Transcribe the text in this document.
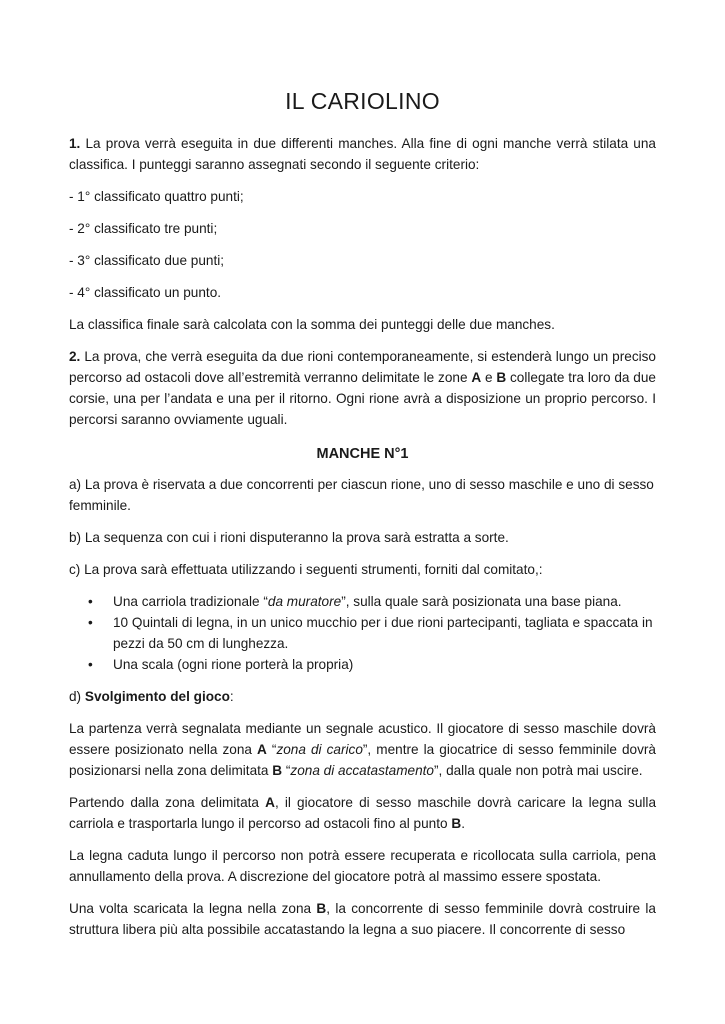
IL CARIOLINO

1. La prova verrà eseguita in due differenti manches. Alla fine di ogni manche verrà stilata una classifica. I punteggi saranno assegnati secondo il seguente criterio:

- 1° classificato quattro punti;

- 2° classificato tre punti;

- 3° classificato due punti;

- 4° classificato un punto.

La classifica finale sarà calcolata con la somma dei punteggi delle due manches.

2. La prova, che verrà eseguita da due rioni contemporaneamente, si estenderà lungo un preciso percorso ad ostacoli dove all’estremità verranno delimitate le zone A e B collegate tra loro da due corsie, una per l’andata e una per il ritorno. Ogni rione avrà a disposizione un proprio percorso. I percorsi saranno ovviamente uguali.

MANCHE N°1

a) La prova è riservata a due concorrenti per ciascun rione, uno di sesso maschile e uno di sesso femminile.

b) La sequenza con cui i rioni disputeranno la prova sarà estratta a sorte.

c) La prova sarà effettuata utilizzando i seguenti strumenti, forniti dal comitato,:

• Una carriola tradizionale “da muratore”, sulla quale sarà posizionata una base piana.
• 10 Quintali di legna, in un unico mucchio per i due rioni partecipanti, tagliata e spaccata in pezzi da 50 cm di lunghezza.
• Una scala (ogni rione porterà la propria)

d) Svolgimento del gioco:

La partenza verrà segnalata mediante un segnale acustico. Il giocatore di sesso maschile dovrà essere posizionato nella zona A “zona di carico”, mentre la giocatrice di sesso femminile dovrà posizionarsi nella zona delimitata B “zona di accatastamento”, dalla quale non potrà mai uscire.

Partendo dalla zona delimitata A, il giocatore di sesso maschile dovrà caricare la legna sulla carriola e trasportarla lungo il percorso ad ostacoli fino al punto B.

La legna caduta lungo il percorso non potrà essere recuperata e ricollocata sulla carriola, pena annullamento della prova. A discrezione del giocatore potrà al massimo essere spostata.

Una volta scaricata la legna nella zona B, la concorrente di sesso femminile dovrà costruire la struttura libera più alta possibile accatastando la legna a suo piacere. Il concorrente di sesso
